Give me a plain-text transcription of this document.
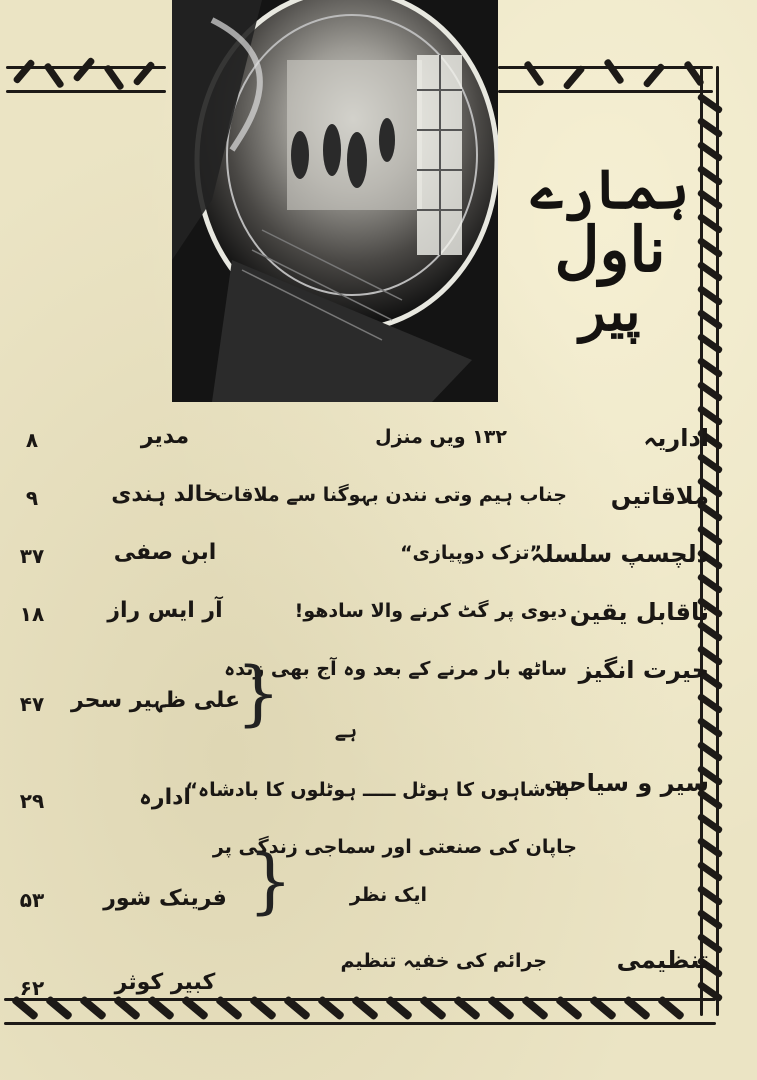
ہمارے
ناول
پیر
اداریہ
۱۳۲ ویں منزل
مدیر
۸
ملاقاتیں
جناب ہیم وتی نندن بہوگنا سے ملاقات
خالد ہندی
۹
دلچسپ سلسلہ
”تزک دوپیازی“
ابن صفی
۳۷
ناقابل یقین
دیوی پر گٹ کرنے والا سادھو!
آر ایس راز
۱۸
حیرت انگیز
ساٹھ بار مرنے کے بعد وہ آج بھی زندہ
ہے
{
علی ظہیر سحر
۴۷
سیر و سیاحت
’بادشاہوں کا ہوٹل ـــــ ہوٹلوں کا بادشاہ“
ادارہ
۲۹
جاپان کی صنعتی اور سماجی زندگی پر
ایک نظر
{
فرینک شور
۵۳
تنظیمی
جرائم کی خفیہ تنظیم
کبیر کوثر
۶۲
